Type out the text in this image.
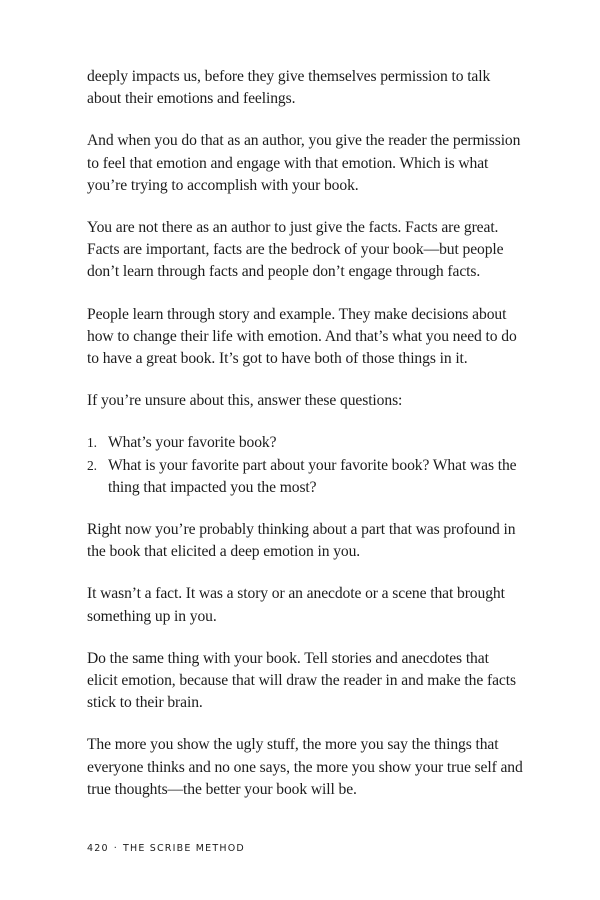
deeply impacts us, before they give themselves permission to talk about their emotions and feelings.

And when you do that as an author, you give the reader the permission to feel that emotion and engage with that emotion. Which is what you’re trying to accomplish with your book.

You are not there as an author to just give the facts. Facts are great. Facts are important, facts are the bedrock of your book—but people don’t learn through facts and people don’t engage through facts.

People learn through story and example. They make decisions about how to change their life with emotion. And that’s what you need to do to have a great book. It’s got to have both of those things in it.

If you’re unsure about this, answer these questions:

1. What’s your favorite book?
2. What is your favorite part about your favorite book? What was the thing that impacted you the most?

Right now you’re probably thinking about a part that was profound in the book that elicited a deep emotion in you.

It wasn’t a fact. It was a story or an anecdote or a scene that brought something up in you.

Do the same thing with your book. Tell stories and anecdotes that elicit emotion, because that will draw the reader in and make the facts stick to their brain.

The more you show the ugly stuff, the more you say the things that everyone thinks and no one says, the more you show your true self and true thoughts—the better your book will be.

420 · THE SCRIBE METHOD
